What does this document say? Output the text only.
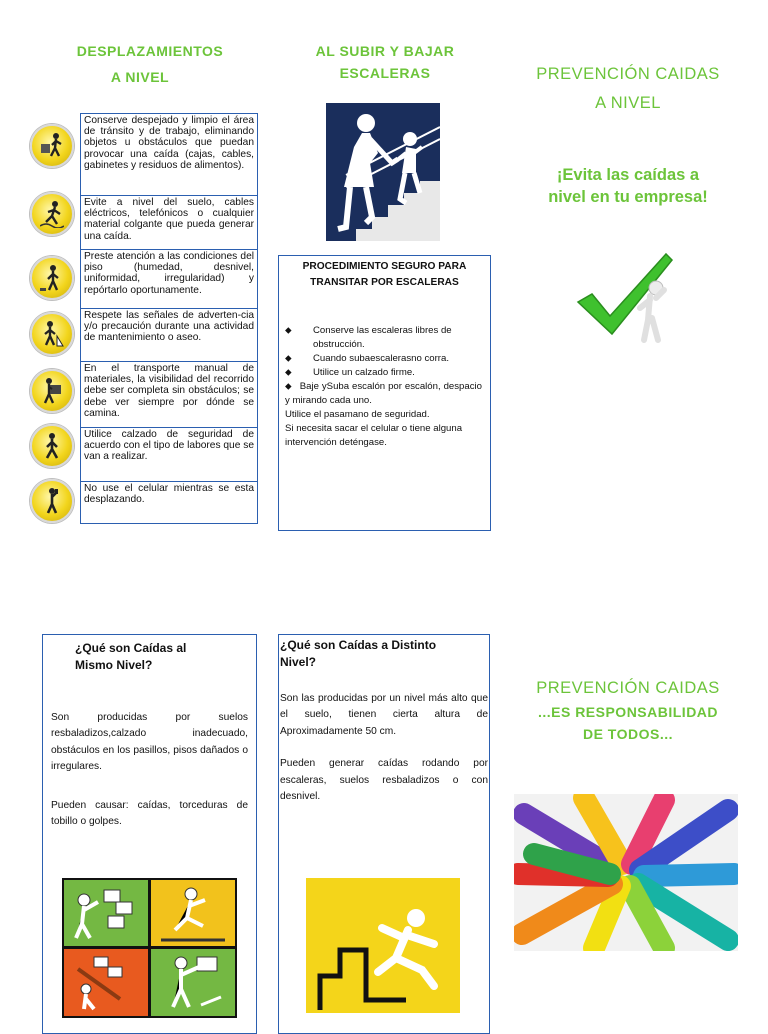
DESPLAZAMIENTOS
A NIVEL
Conserve despejado y limpio el área de tránsito y de trabajo, eliminando objetos u obstáculos que puedan provocar una caída (cajas, cables, gabinetes y residuos de alimentos).
Evite a nivel del suelo, cables eléctricos, telefónicos o cualquier material colgante que pueda generar una caída.
Preste atención a las condiciones del piso (humedad, desnivel, uniformidad, irregularidad) y repórtarlo oportunamente.
Respete las señales de adverten-cia y/o precaución durante una actividad de mantenimiento o aseo.
En el transporte manual de materiales, la visibilidad del recorrido debe ser completa sin obstáculos; se debe ver siempre por dónde se camina.
Utilice calzado de seguridad de acuerdo con el tipo de labores que se van a realizar.
No use el celular mientras se esta desplazando.
AL SUBIR Y BAJAR
ESCALERAS
PROCEDIMIENTO SEGURO PARA
TRANSITAR POR ESCALERAS
⬥ Conserve las escaleras libres de obstrucción.
⬥ Cuando subaescalerasno corra.
⬥ Utilice un calzado firme.
⬥ Baje ySuba escalón por escalón, despacio y mirando cada uno.
Utilice el pasamano de seguridad.
Si necesita sacar el celular o tiene alguna intervención deténgase.
PREVENCIÓN CAIDAS
A NIVEL
¡Evita las caídas a
nivel en tu empresa!
¿Qué son Caídas al
Mismo Nivel?

Son producidas por suelos resbaladizos,calzado inadecuado, obstáculos en los pasillos, pisos dañados o irregulares.

Pueden causar: caídas, torceduras de tobillo o golpes.

¿Qué son Caídas a Distinto
Nivel?

Son las producidas por un nivel más alto que el suelo, tienen cierta altura de Aproximadamente 50 cm.

Pueden generar caídas rodando por escaleras, suelos resbaladizos o con desnivel.

PREVENCIÓN CAIDAS
...ES RESPONSABILIDAD
DE TODOS...
